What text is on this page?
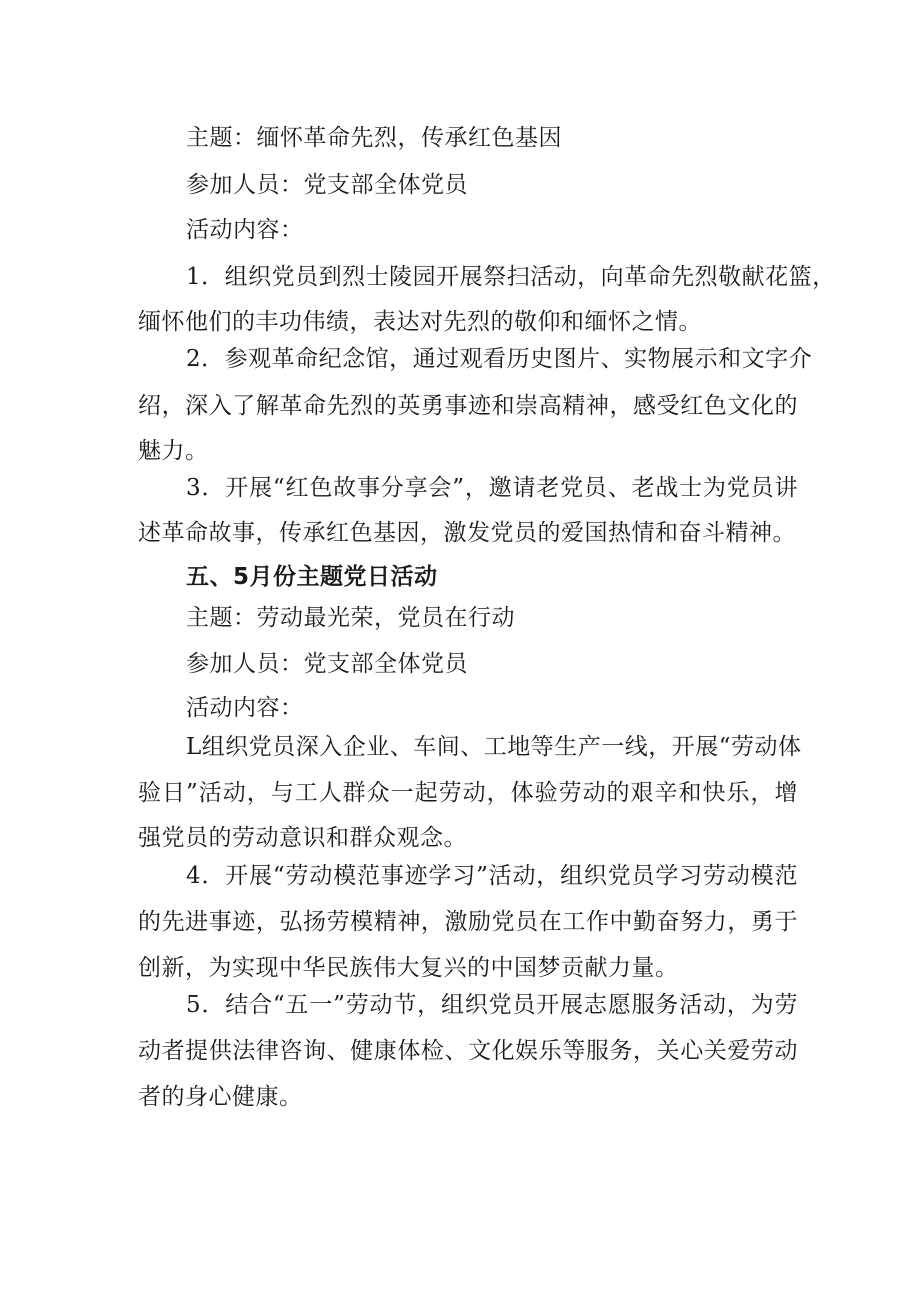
主题：缅怀革命先烈，传承红色基因
参加人员：党支部全体党员
活动内容：
1．组织党员到烈士陵园开展祭扫活动，向革命先烈敬献花篮，
缅怀他们的丰功伟绩，表达对先烈的敬仰和缅怀之情。
2．参观革命纪念馆，通过观看历史图片、实物展示和文字介
绍，深入了解革命先烈的英勇事迹和崇高精神，感受红色文化的
魅力。
3．开展“红色故事分享会”，邀请老党员、老战士为党员讲
述革命故事，传承红色基因，激发党员的爱国热情和奋斗精神。
五、5月份主题党日活动
主题：劳动最光荣，党员在行动
参加人员：党支部全体党员
活动内容：
L组织党员深入企业、车间、工地等生产一线，开展“劳动体
验日”活动，与工人群众一起劳动，体验劳动的艰辛和快乐，增
强党员的劳动意识和群众观念。
4．开展“劳动模范事迹学习”活动，组织党员学习劳动模范
的先进事迹，弘扬劳模精神，激励党员在工作中勤奋努力，勇于
创新，为实现中华民族伟大复兴的中国梦贡献力量。
5．结合“五一”劳动节，组织党员开展志愿服务活动，为劳
动者提供法律咨询、健康体检、文化娱乐等服务，关心关爱劳动
者的身心健康。
